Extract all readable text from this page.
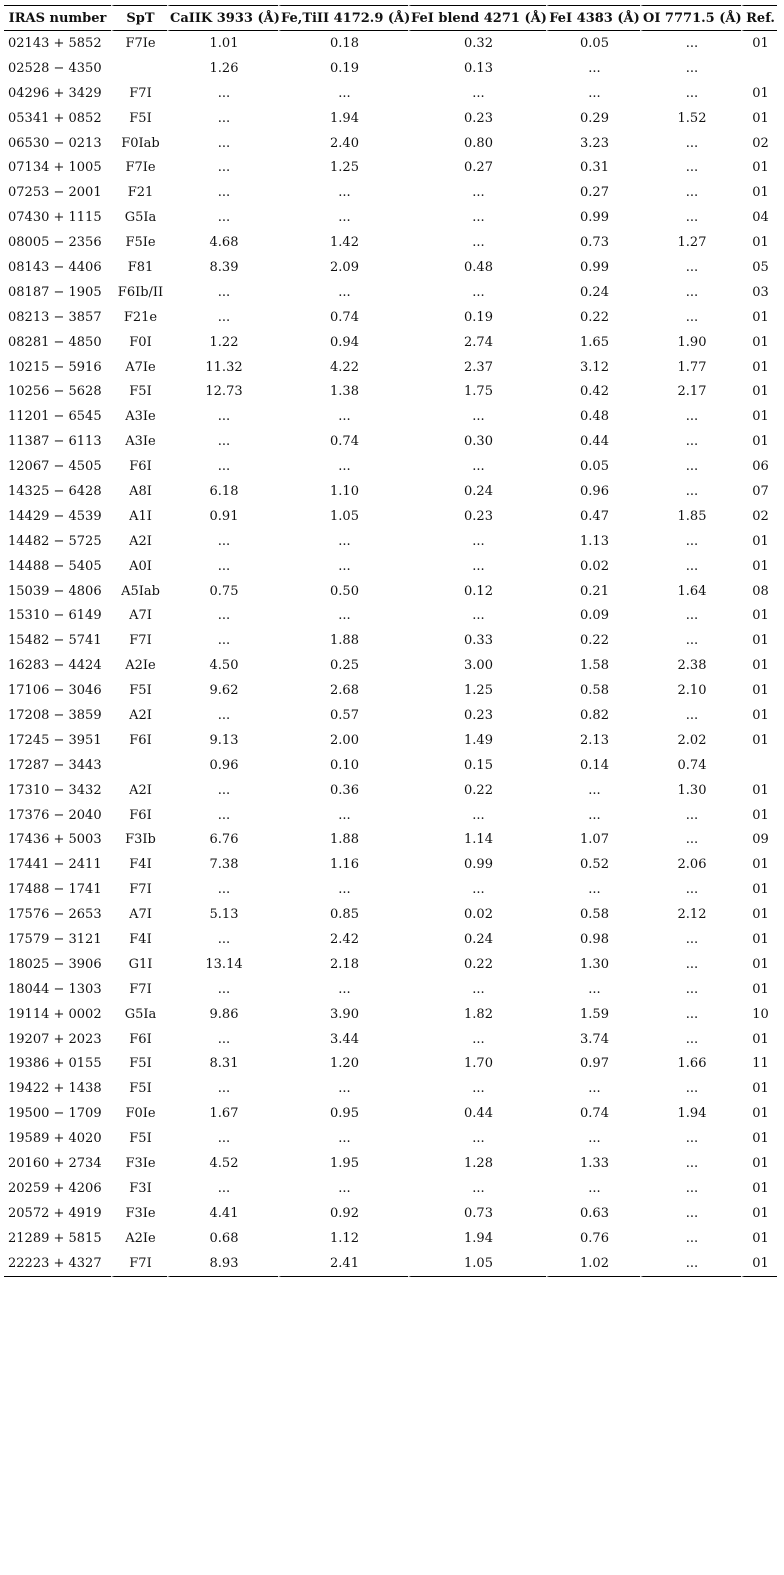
IRAS number	SpT	CaIIK 3933 (Å)	Fe,TiII 4172.9 (Å)	FeI blend 4271 (Å)	FeI 4383 (Å)	OI 7771.5 (Å)	Ref.
02143 + 5852	F7Ie	1.01	0.18	0.32	0.05	...	01
02528 − 4350		1.26	0.19	0.13	...	...	
04296 + 3429	F7I	...	...	...	...	...	01
05341 + 0852	F5I	...	1.94	0.23	0.29	1.52	01
06530 − 0213	F0Iab	...	2.40	0.80	3.23	...	02
07134 + 1005	F7Ie	...	1.25	0.27	0.31	...	01
07253 − 2001	F21	...	...	...	0.27	...	01
07430 + 1115	G5Ia	...	...	...	0.99	...	04
08005 − 2356	F5Ie	4.68	1.42	...	0.73	1.27	01
08143 − 4406	F81	8.39	2.09	0.48	0.99	...	05
08187 − 1905	F6Ib/II	...	...	...	0.24	...	03
08213 − 3857	F21e	...	0.74	0.19	0.22	...	01
08281 − 4850	F0I	1.22	0.94	2.74	1.65	1.90	01
10215 − 5916	A7Ie	11.32	4.22	2.37	3.12	1.77	01
10256 − 5628	F5I	12.73	1.38	1.75	0.42	2.17	01
11201 − 6545	A3Ie	...	...	...	0.48	...	01
11387 − 6113	A3Ie	...	0.74	0.30	0.44	...	01
12067 − 4505	F6I	...	...	...	0.05	...	06
14325 − 6428	A8I	6.18	1.10	0.24	0.96	...	07
14429 − 4539	A1I	0.91	1.05	0.23	0.47	1.85	02
14482 − 5725	A2I	...	...	...	1.13	...	01
14488 − 5405	A0I	...	...	...	0.02	...	01
15039 − 4806	A5Iab	0.75	0.50	0.12	0.21	1.64	08
15310 − 6149	A7I	...	...	...	0.09	...	01
15482 − 5741	F7I	...	1.88	0.33	0.22	...	01
16283 − 4424	A2Ie	4.50	0.25	3.00	1.58	2.38	01
17106 − 3046	F5I	9.62	2.68	1.25	0.58	2.10	01
17208 − 3859	A2I	...	0.57	0.23	0.82	...	01
17245 − 3951	F6I	9.13	2.00	1.49	2.13	2.02	01
17287 − 3443		0.96	0.10	0.15	0.14	0.74	
17310 − 3432	A2I	...	0.36	0.22	...	1.30	01
17376 − 2040	F6I	...	...	...	...	...	01
17436 + 5003	F3Ib	6.76	1.88	1.14	1.07	...	09
17441 − 2411	F4I	7.38	1.16	0.99	0.52	2.06	01
17488 − 1741	F7I	...	...	...	...	...	01
17576 − 2653	A7I	5.13	0.85	0.02	0.58	2.12	01
17579 − 3121	F4I	...	2.42	0.24	0.98	...	01
18025 − 3906	G1I	13.14	2.18	0.22	1.30	...	01
18044 − 1303	F7I	...	...	...	...	...	01
19114 + 0002	G5Ia	9.86	3.90	1.82	1.59	...	10
19207 + 2023	F6I	...	3.44	...	3.74	...	01
19386 + 0155	F5I	8.31	1.20	1.70	0.97	1.66	11
19422 + 1438	F5I	...	...	...	...	...	01
19500 − 1709	F0Ie	1.67	0.95	0.44	0.74	1.94	01
19589 + 4020	F5I	...	...	...	...	...	01
20160 + 2734	F3Ie	4.52	1.95	1.28	1.33	...	01
20259 + 4206	F3I	...	...	...	...	...	01
20572 + 4919	F3Ie	4.41	0.92	0.73	0.63	...	01
21289 + 5815	A2Ie	0.68	1.12	1.94	0.76	...	01
22223 + 4327	F7I	8.93	2.41	1.05	1.02	...	01
